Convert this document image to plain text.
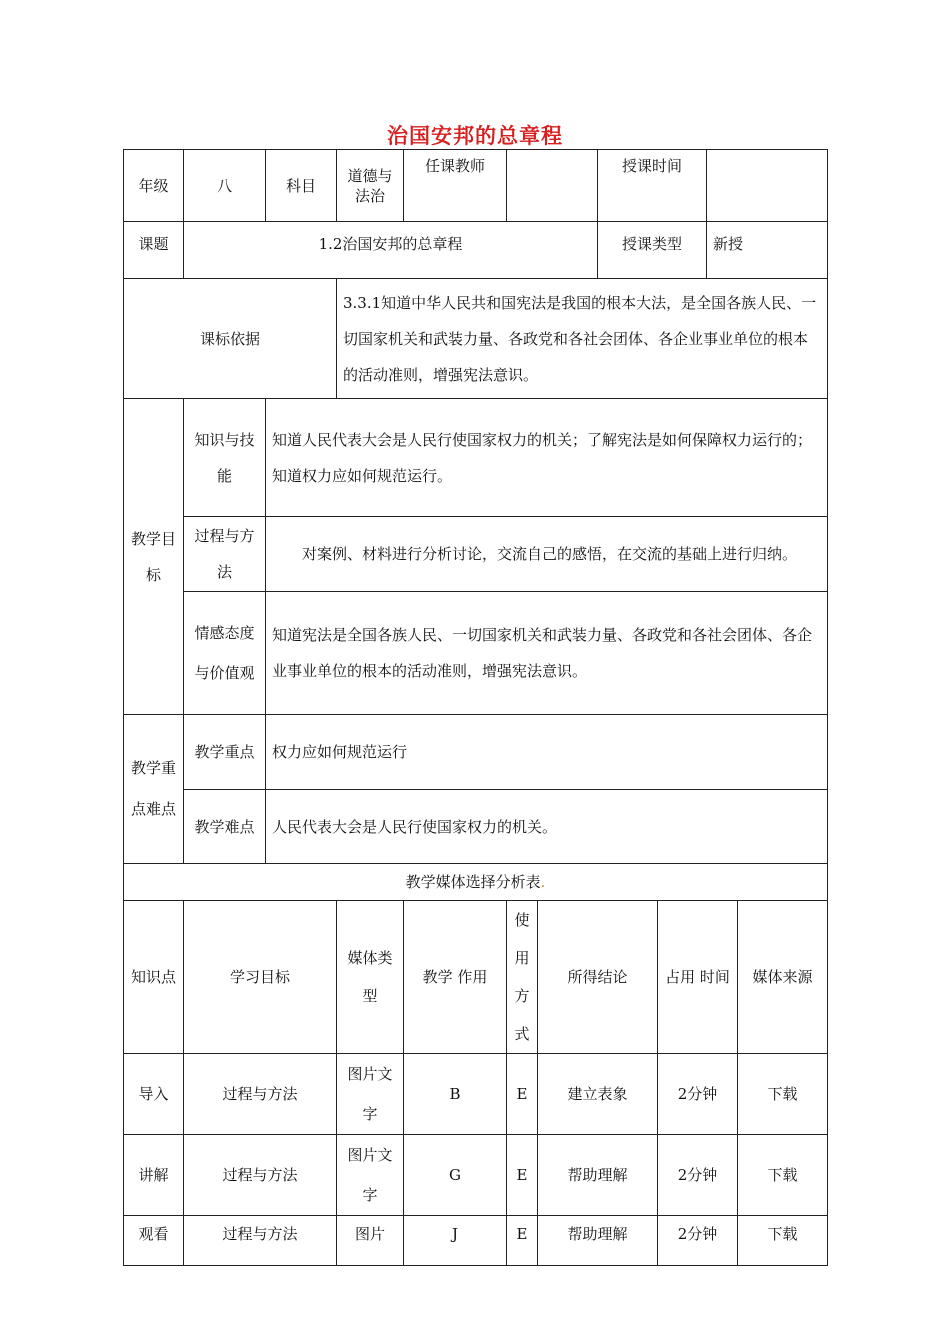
治国安邦的总章程
年级	八	科目	道德与法治	任课教师			授课时间			
课题	1.2治国安邦的总章程						授课类型		新授	
课标依据			3.3.1知道中华人民共和国宪法是我国的根本大法，是全国各族人民、一切国家机关和武装力量、各政党和各社会团体、各企业事业单位的根本的活动准则，增强宪法意识。							
教学目标	知识与技能	知道人民代表大会是人民行使国家权力的机关；了解宪法是如何保障权力运行的；
知道权力应如何规范运行。								

	过程与方法	对案例、材料进行分析讨论，交流自己的感悟，在交流的基础上进行归纳。								
	情感态度与价值观	知道宪法是全国各族人民、一切国家机关和武装力量、各政党和各社会团体、各企业事业单位的根本的活动准则，增强宪法意识。								
教学重点难点	教学重点	权力应如何规范运行								
	教学难点	人民代表大会是人民行使国家权力的机关。								
教学媒体选择分析表.										
知识点	学习目标		媒体类型	教学 作用	使用方式	所得结论		占用 时间		媒体来源
导入	过程与方法		图片文字	B	E	建立表象		2分钟		下载
讲解	过程与方法		图片文字	G	E	帮助理解		2分钟		下载
观看	过程与方法		图片	J	E	帮助理解		2分钟		下载
